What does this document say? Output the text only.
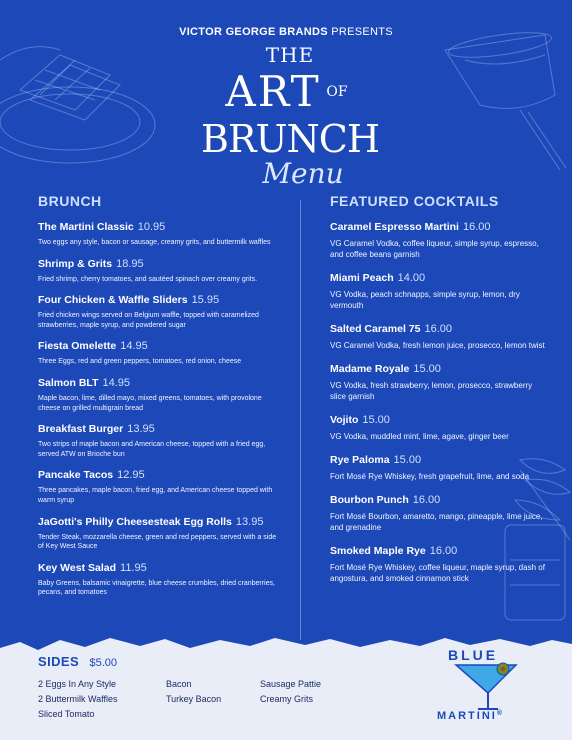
VICTOR GEORGE BRANDS PRESENTS
THE
ART OF
BRUNCH
Menu
BRUNCH
The Martini Classic 10.95
Two eggs any style, bacon or sausage, creamy grits, and buttermilk waffles
Shrimp & Grits 18.95
Fried shrimp, cherry tomatoes, and sautéed spinach over creamy grits.
Four Chicken & Waffle Sliders 15.95
Fried chicken wings served on Belgium waffle, topped with caramelized strawberries, maple syrup, and powdered sugar
Fiesta Omelette 14.95
Three Eggs, red and green peppers, tomatoes, red onion, cheese
Salmon BLT 14.95
Maple bacon, lime, dilled mayo, mixed greens, tomatoes, with provolone cheese on grilled multigrain bread
Breakfast Burger 13.95
Two strips of maple bacon and American cheese, topped with a fried egg, served ATW on Brioche bun
Pancake Tacos 12.95
Three pancakes, maple bacon, fried egg, and American cheese topped with warm syrup
JaGotti's Philly Cheesesteak Egg Rolls 13.95
Tender Steak, mozzarella cheese, green and red peppers, served with a side of Key West Sauce
Key West Salad 11.95
Baby Greens, balsamic vinaigrette, blue cheese crumbles, dried cranberries, pecans, and tomatoes
FEATURED COCKTAILS
Caramel Espresso Martini 16.00
VG Caramel Vodka, coffee liqueur, simple syrup, espresso, and coffee beans garnish
Miami Peach 14.00
VG Vodka, peach schnapps, simple syrup, lemon, dry vermouth
Salted Caramel 75 16.00
VG Caramel Vodka, fresh lemon juice, prosecco, lemon twist
Madame Royale 15.00
VG Vodka, fresh strawberry, lemon, prosecco, strawberry slice garnish
Vojito 15.00
VG Vodka, muddled mint, lime, agave, ginger beer
Rye Paloma 15.00
Fort Mosé Rye Whiskey, fresh grapefruit, lime, and soda
Bourbon Punch 16.00
Fort Mosé Bourbon, amaretto, mango, pineapple, lime juice, and grenadine
Smoked Maple Rye 16.00
Fort Mosé Rye Whiskey, coffee liqueur, maple syrup, dash of angostura, and smoked cinnamon stick
SIDES $5.00
2 Eggs In Any Style
2 Buttermilk Waffles
Sliced Tomato
Bacon
Turkey Bacon
Sausage Pattie
Creamy Grits
BLUE
MARTINI®
